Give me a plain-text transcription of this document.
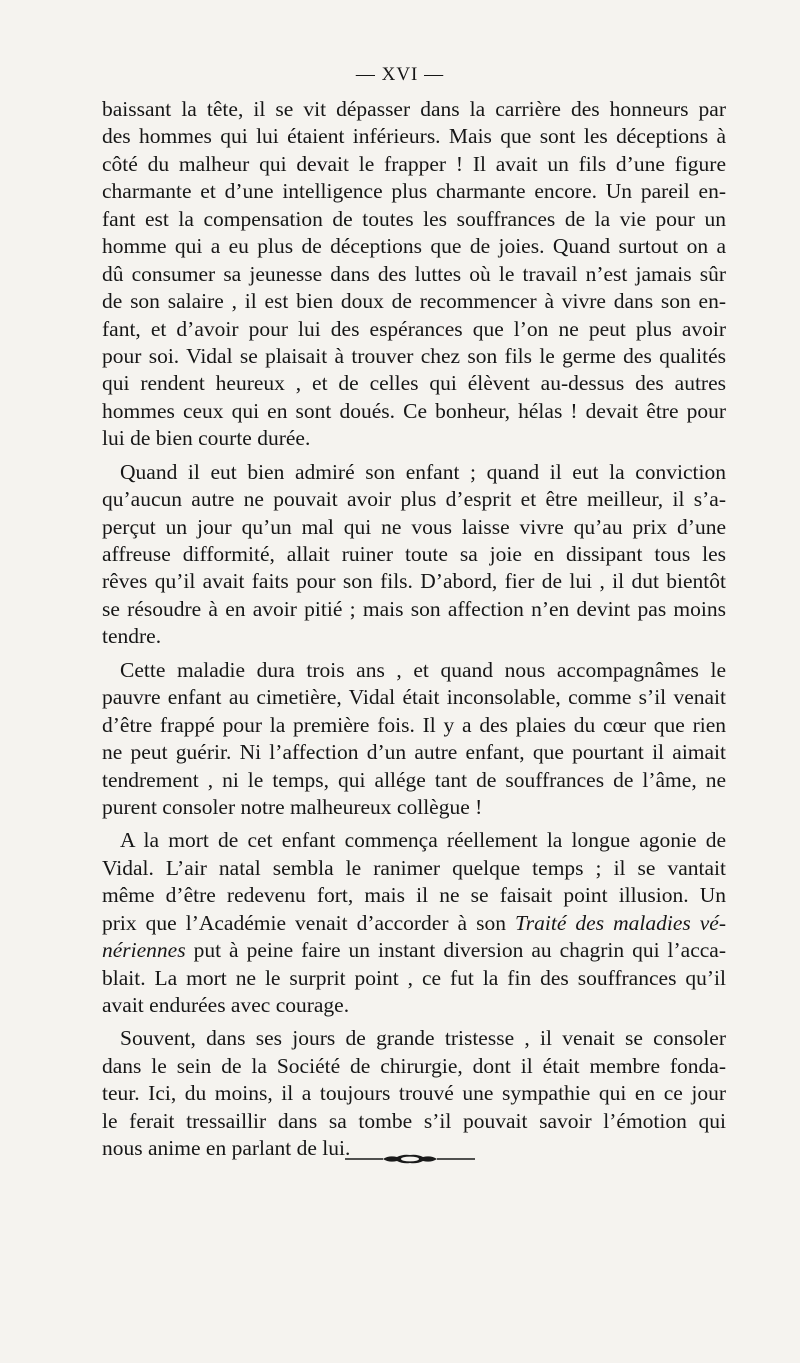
— XVI —

baissant la tête, il se vit dépasser dans la carrière des honneurs par
des hommes qui lui étaient inférieurs. Mais que sont les déceptions à
côté du malheur qui devait le frapper ! Il avait un fils d’une figure
charmante et d’une intelligence plus charmante encore. Un pareil en-
fant est la compensation de toutes les souffrances de la vie pour un
homme qui a eu plus de déceptions que de joies. Quand surtout on a
dû consumer sa jeunesse dans des luttes où le travail n’est jamais sûr
de son salaire , il est bien doux de recommencer à vivre dans son en-
fant, et d’avoir pour lui des espérances que l’on ne peut plus avoir
pour soi. Vidal se plaisait à trouver chez son fils le germe des qualités
qui rendent heureux , et de celles qui élèvent au-dessus des autres
hommes ceux qui en sont doués. Ce bonheur, hélas ! devait être pour
lui de bien courte durée.

Quand il eut bien admiré son enfant ; quand il eut la conviction
qu’aucun autre ne pouvait avoir plus d’esprit et être meilleur, il s’a-
perçut un jour qu’un mal qui ne vous laisse vivre qu’au prix d’une
affreuse difformité, allait ruiner toute sa joie en dissipant tous les
rêves qu’il avait faits pour son fils. D’abord, fier de lui , il dut bientôt
se résoudre à en avoir pitié ; mais son affection n’en devint pas moins
tendre.

Cette maladie dura trois ans , et quand nous accompagnâmes le
pauvre enfant au cimetière, Vidal était inconsolable, comme s’il venait
d’être frappé pour la première fois. Il y a des plaies du cœur que rien
ne peut guérir. Ni l’affection d’un autre enfant, que pourtant il aimait
tendrement , ni le temps, qui allége tant de souffrances de l’âme, ne
purent consoler notre malheureux collègue !

A la mort de cet enfant commença réellement la longue agonie de
Vidal. L’air natal sembla le ranimer quelque temps ; il se vantait
même d’être redevenu fort, mais il ne se faisait point illusion. Un
prix que l’Académie venait d’accorder à son Traité des maladies vé-
nériennes put à peine faire un instant diversion au chagrin qui l’acca-
blait. La mort ne le surprit point , ce fut la fin des souffrances qu’il
avait endurées avec courage.

Souvent, dans ses jours de grande tristesse , il venait se consoler
dans le sein de la Société de chirurgie, dont il était membre fonda-
teur. Ici, du moins, il a toujours trouvé une sympathie qui en ce jour
le ferait tressaillir dans sa tombe s’il pouvait savoir l’émotion qui
nous anime en parlant de lui.
